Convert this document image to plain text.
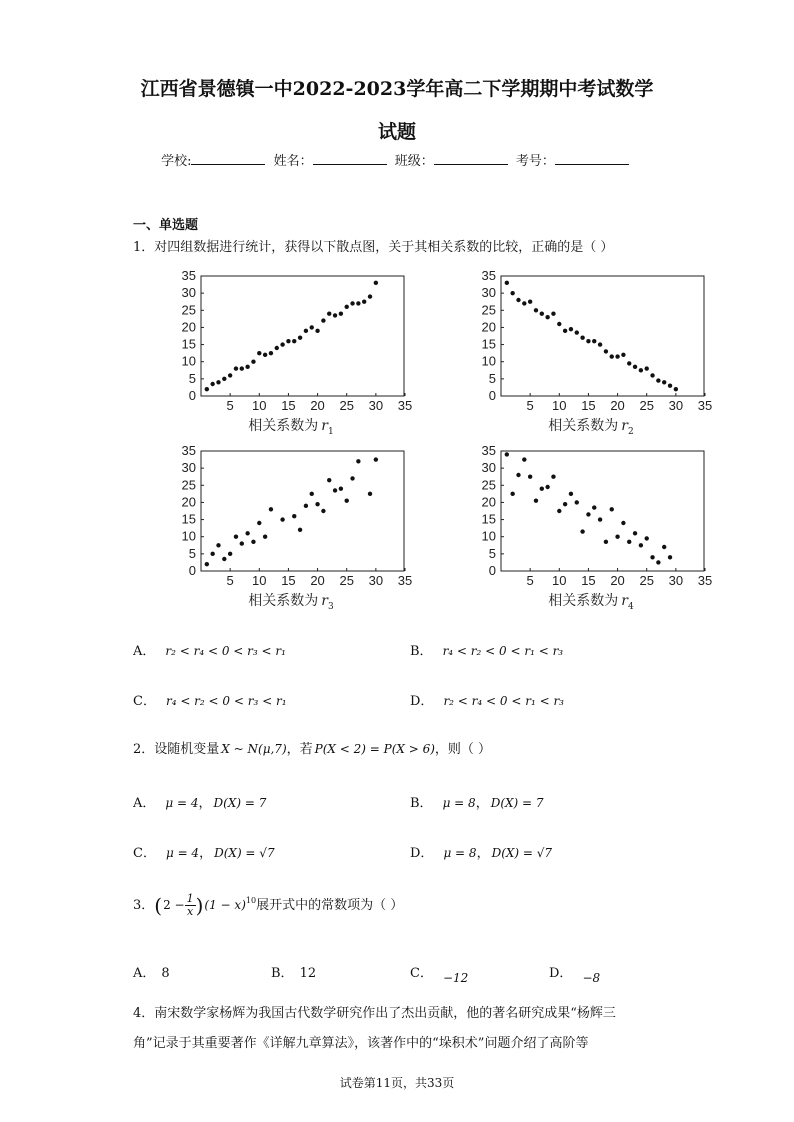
江西省景德镇一中2022-2023学年高二下学期期中考试数学
试题
学校:	姓名：	班级：	考号：
一、单选题
1．对四组数据进行统计，获得以下散点图，关于其相关系数的比较，正确的是（ ）
0
5
10
15
20
25
30
35
5 10 15 20 25 30 35
相关系数为 $r_1$
0
5
10
15
20
25
30
35
5 10 15 20 25 30 35
相关系数为 $r_2$
0
5
10
15
20
25
30
35
5 10 15 20 25 30 35
相关系数为 $r_3$
0
5
10
15
20
25
30
35
5 10 15 20 25 30 35
相关系数为 $r_4$
A． r₂ < r₄ < 0 < r₃ < r₁	B． r₄ < r₂ < 0 < r₁ < r₃
C． r₄ < r₂ < 0 < r₃ < r₁	D． r₂ < r₄ < 0 < r₁ < r₃
2．设随机变量 X ~ N(μ,7)，若 P(X < 2) = P(X > 6)，则（ ）
A． μ = 4， D(X) = 7	B． μ = 8， D(X) = 7
C． μ = 4， D(X) = √7	D． μ = 8， D(X) = √7
3．$(2 - \frac{1}{x} )(1 - x)^{10}$展开式中的常数项为（ ）
A． 8	B． 12	C． −12	D． −8
4．南宋数学家杨辉为我国古代数学研究作出了杰出贡献，他的著名研究成果“杨辉三
角”记录于其重要著作《详解九章算法》，该著作中的“垛积术”问题介绍了高阶等
试卷第11页，共33页
